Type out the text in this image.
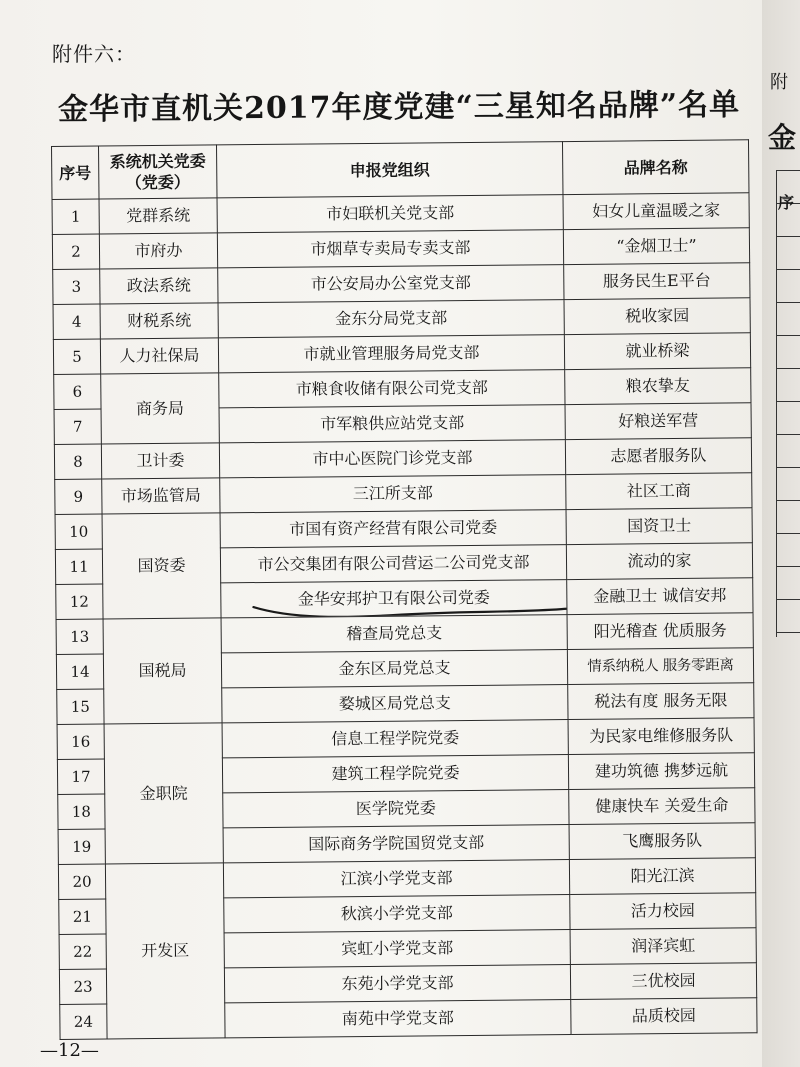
附件六：
金华市直机关2017年度党建“三星知名品牌”名单
序号	系统机关党委（党委）	申报党组织	品牌名称
1	党群系统	市妇联机关党支部	妇女儿童温暖之家
2	市府办	市烟草专卖局专卖支部	“金烟卫士”
3	政法系统	市公安局办公室党支部	服务民生E平台
4	财税系统	金东分局党支部	税收家园
5	人力社保局	市就业管理服务局党支部	就业桥梁
6	商务局	市粮食收储有限公司党支部	粮农挚友
7		市军粮供应站党支部	好粮送军营
8	卫计委	市中心医院门诊党支部	志愿者服务队
9	市场监管局	三江所支部	社区工商
10	国资委	市国有资产经营有限公司党委	国资卫士
11		市公交集团有限公司营运二公司党支部	流动的家
12		金华安邦护卫有限公司党委	金融卫士 诚信安邦
13	国税局	稽查局党总支	阳光稽查 优质服务
14		金东区局党总支	情系纳税人 服务零距离
15		婺城区局党总支	税法有度 服务无限
16	金职院	信息工程学院党委	为民家电维修服务队
17		建筑工程学院党委	建功筑德 携梦远航
18		医学院党委	健康快车 关爱生命
19		国际商务学院国贸党支部	飞鹰服务队
20	开发区	江滨小学党支部	阳光江滨
21		秋滨小学党支部	活力校园
22		宾虹小学党支部	润泽宾虹
23		东苑小学党支部	三优校园
24		南苑中学党支部	品质校园
—12—
附
金
序
